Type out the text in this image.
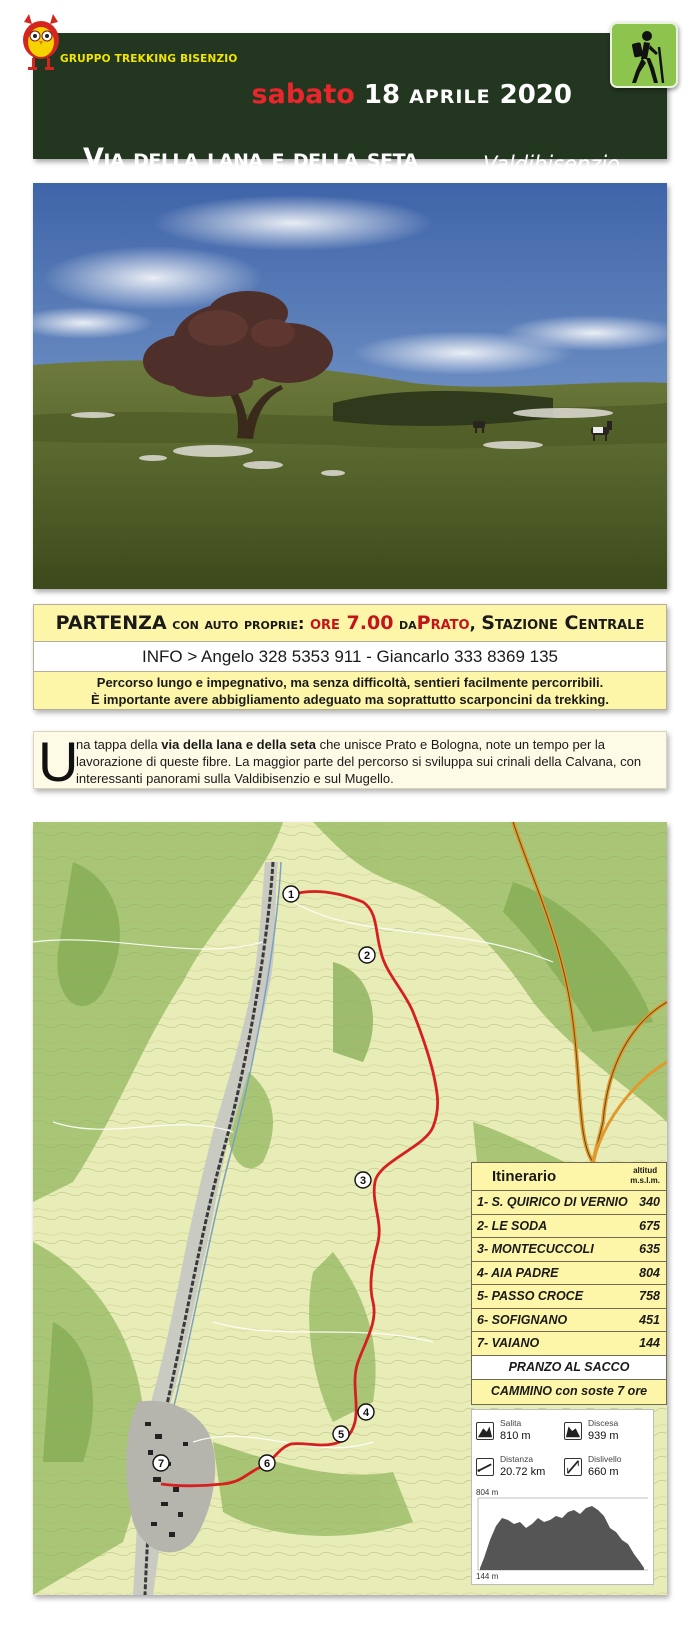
sabato 18 APRILE 2020
Via della lana e della seta	Valdibisenzio
GRUPPO TREKKING BISENZIO
PARTENZA con auto proprie: ore 7.00 daPrato, Stazione Centrale
INFO > Angelo 328 5353 911 - Giancarlo 333 8369 135
Percorso lungo e impegnativo, ma senza difficoltà, sentieri facilmente percorribili.
È importante avere abbigliamento adeguato ma soprattutto scarponcini da trekking.
U
na tappa della via della lana e della seta che unisce Prato e Bologna, note un tempo per la lavorazione di queste fibre. La maggior parte del percorso si sviluppa sui crinali della Calvana, con interessanti panorami sulla Valdibisenzio e sul Mugello.
1
2
3
4
5
6
7
Itinerario	altitud
m.s.l.m.
1- S. QUIRICO DI VERNIO 340
2- LE SODA	675
3- MONTECUCCOLI	635
4- AIA PADRE	804
5- PASSO CROCE	758
6- SOFIGNANO	451
7- VAIANO	144
PRANZO AL SACCO
CAMMINO con soste 7 ore
Salita
810 m
Discesa
939 m
Distanza
20.72 km
Dislivello
660 m
804 m
144 m
